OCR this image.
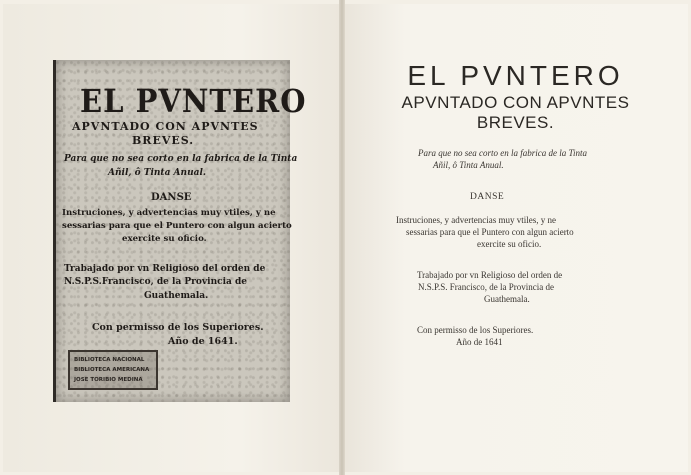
EL PVNTERO
APVNTADO CON APVNTES
BREVES.
Para que no sea corto en la fabrica de la Tinta
Añil, ô Tinta Anual.
DANSE
Instruciones, y advertencias muy vtiles, y ne
sessarias para que el Puntero con algun acierto
exercite su oficio.
Trabajado por vn Religioso del orden de
N.S.P.S.Francisco, de la Provincia de
Guathemala.
Con permisso de los Superiores.
Año de 1641.
BIBLIOTECA NACIONAL
BIBLIOTECA AMERICANA
JOSE TORIBIO MEDINA
EL PVNTERO
APVNTADO CON APVNTES
BREVES.
Para que no sea corto en la fabrica de la Tinta
Añil, ô Tinta Anual.
DANSE
Instruciones, y advertencias muy vtiles, y ne
sessarias para que el Puntero con algun acierto
exercite su oficio.
Trabajado por vn Religioso del orden de
N.S.P.S. Francisco, de la Provincia de
Guathemala.
Con permisso de los Superiores.
Año de 1641
